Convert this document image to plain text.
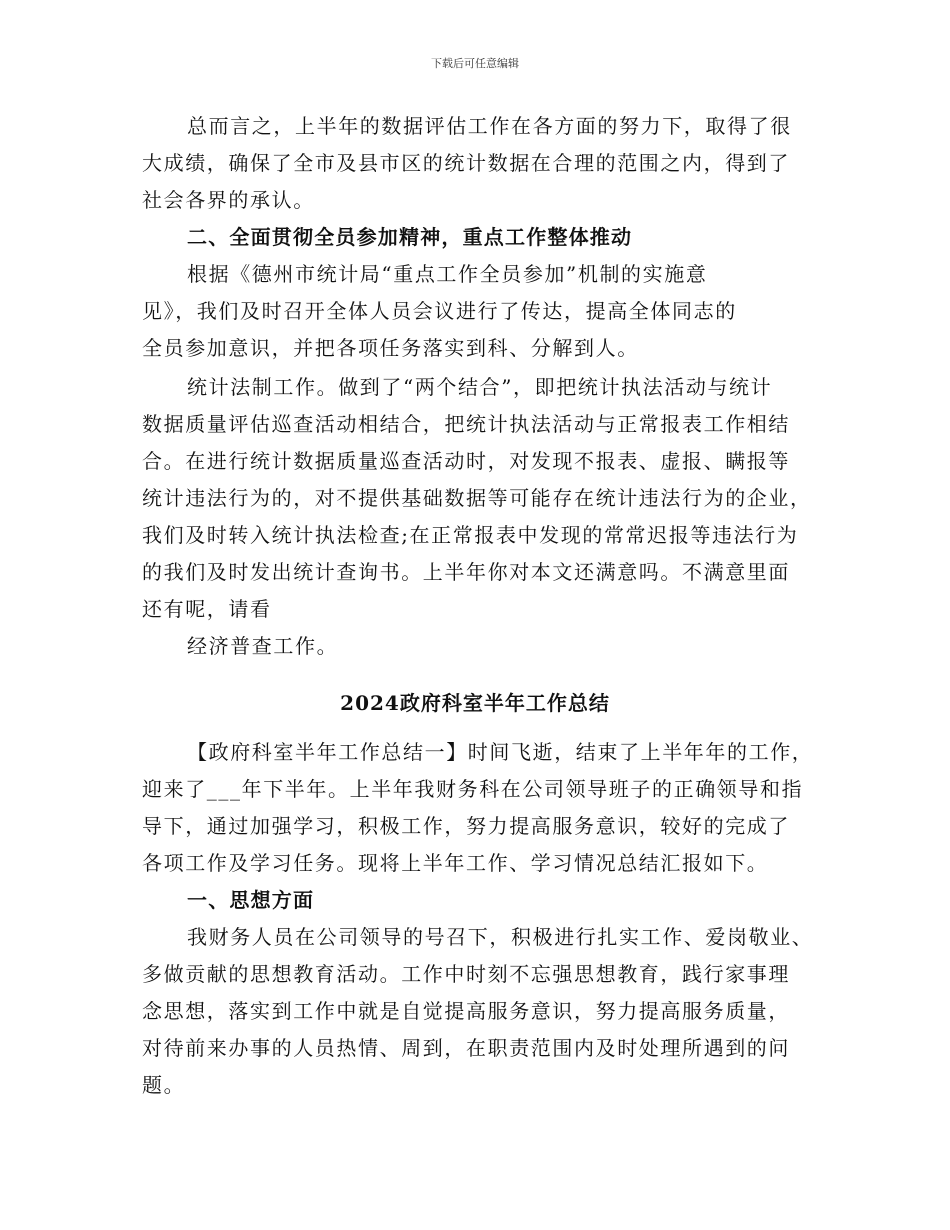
下载后可任意编辑
总而言之，上半年的数据评估工作在各方面的努力下，取得了很
大成绩，确保了全市及县市区的统计数据在合理的范围之内，得到了
社会各界的承认。
二、全面贯彻全员参加精神，重点工作整体推动
根据《德州市统计局“重点工作全员参加”机制的实施意
见》，我们及时召开全体人员会议进行了传达，提高全体同志的
全员参加意识，并把各项任务落实到科、分解到人。
统计法制工作。做到了“两个结合”，即把统计执法活动与统计
数据质量评估巡查活动相结合，把统计执法活动与正常报表工作相结
合。在进行统计数据质量巡查活动时，对发现不报表、虚报、瞒报等
统计违法行为的，对不提供基础数据等可能存在统计违法行为的企业，
我们及时转入统计执法检查;在正常报表中发现的常常迟报等违法行为
的我们及时发出统计查询书。上半年你对本文还满意吗。不满意里面
还有呢，请看
经济普查工作。
2024政府科室半年工作总结
【政府科室半年工作总结一】时间飞逝，结束了上半年年的工作，
迎来了___年下半年。上半年我财务科在公司领导班子的正确领导和指
导下，通过加强学习，积极工作，努力提高服务意识，较好的完成了
各项工作及学习任务。现将上半年工作、学习情况总结汇报如下。
一、思想方面
我财务人员在公司领导的号召下，积极进行扎实工作、爱岗敬业、
多做贡献的思想教育活动。工作中时刻不忘强思想教育，践行家事理
念思想，落实到工作中就是自觉提高服务意识，努力提高服务质量，
对待前来办事的人员热情、周到，在职责范围内及时处理所遇到的问
题。
